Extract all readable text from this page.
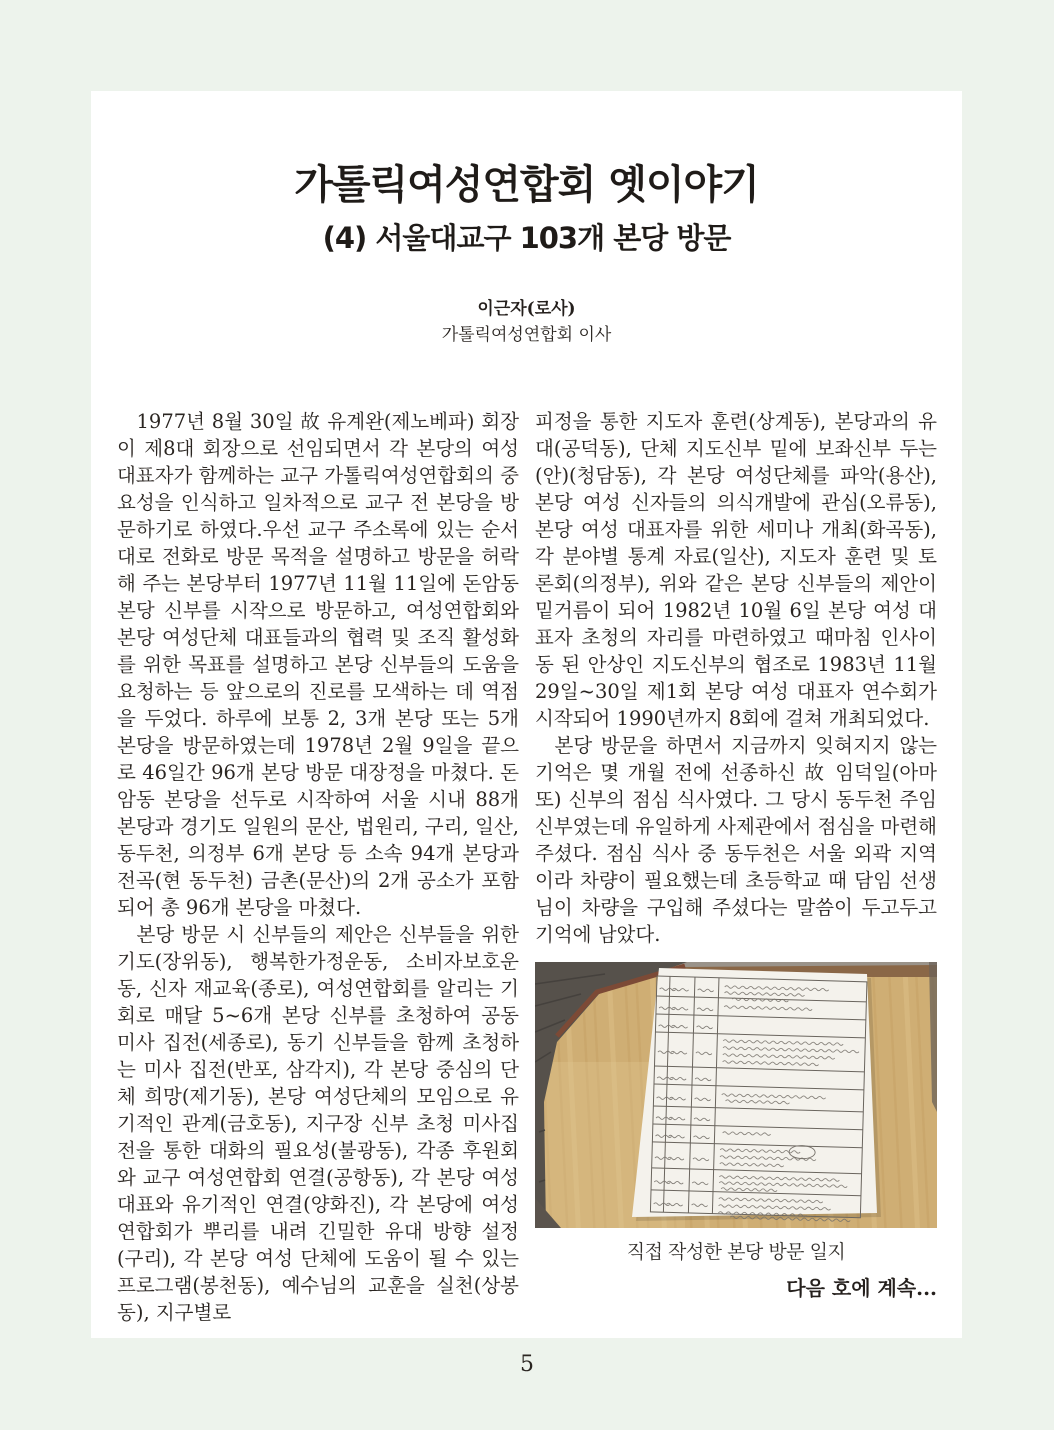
가톨릭여성연합회 옛이야기
(4) 서울대교구 103개 본당 방문
이근자(로사)
가톨릭여성연합회 이사

1977년 8월 30일 故 유계완(제노베파) 회장이 제8대 회장으로 선임되면서 각 본당의 여성 대표자가 함께하는 교구 가톨릭여성연합회의 중요성을 인식하고 일차적으로 교구 전 본당을 방문하기로 하였다.우선 교구 주소록에 있는 순서대로 전화로 방문 목적을 설명하고 방문을 허락해 주는 본당부터 1977년 11월 11일에 돈암동 본당 신부를 시작으로 방문하고, 여성연합회와 본당 여성단체 대표들과의 협력 및 조직 활성화를 위한 목표를 설명하고 본당 신부들의 도움을 요청하는 등 앞으로의 진로를 모색하는 데 역점을 두었다. 하루에 보통 2, 3개 본당 또는 5개 본당을 방문하였는데 1978년 2월 9일을 끝으로 46일간 96개 본당 방문 대장정을 마쳤다. 돈암동 본당을 선두로 시작하여 서울 시내 88개 본당과 경기도 일원의 문산, 법원리, 구리, 일산, 동두천, 의정부 6개 본당 등 소속 94개 본당과 전곡(현 동두천) 금촌(문산)의 2개 공소가 포함되어 총 96개 본당을 마쳤다.

본당 방문 시 신부들의 제안은 신부들을 위한 기도(장위동), 행복한가정운동, 소비자보호운동, 신자 재교육(종로), 여성연합회를 알리는 기회로 매달 5~6개 본당 신부를 초청하여 공동 미사 집전(세종로), 동기 신부들을 함께 초청하는 미사 집전(반포, 삼각지), 각 본당 중심의 단체 희망(제기동), 본당 여성단체의 모임으로 유기적인 관계(금호동), 지구장 신부 초청 미사집전을 통한 대화의 필요성(불광동), 각종 후원회와 교구 여성연합회 연결(공항동), 각 본당 여성 대표와 유기적인 연결(양화진), 각 본당에 여성연합회가 뿌리를 내려 긴밀한 유대 방향 설정(구리), 각 본당 여성 단체에 도움이 될 수 있는 프로그램(봉천동), 예수님의 교훈을 실천(상봉동), 지구별로

피정을 통한 지도자 훈련(상계동), 본당과의 유대(공덕동), 단체 지도신부 밑에 보좌신부 두는 (안)(청담동), 각 본당 여성단체를 파악(용산), 본당 여성 신자들의 의식개발에 관심(오류동), 본당 여성 대표자를 위한 세미나 개최(화곡동), 각 분야별 통계 자료(일산), 지도자 훈련 및 토론회(의정부), 위와 같은 본당 신부들의 제안이 밑거름이 되어 1982년 10월 6일 본당 여성 대표자 초청의 자리를 마련하였고 때마침 인사이동 된 안상인 지도신부의 협조로 1983년 11월 29일~30일 제1회 본당 여성 대표자 연수회가 시작되어 1990년까지 8회에 걸쳐 개최되었다.

본당 방문을 하면서 지금까지 잊혀지지 않는 기억은 몇 개월 전에 선종하신 故 임덕일(아마또) 신부의 점심 식사였다. 그 당시 동두천 주임신부였는데 유일하게 사제관에서 점심을 마련해 주셨다. 점심 식사 중 동두천은 서울 외곽 지역이라 차량이 필요했는데 초등학교 때 담임 선생님이 차량을 구입해 주셨다는 말씀이 두고두고 기억에 남았다.

직접 작성한 본당 방문 일지
다음 호에 계속...
5
